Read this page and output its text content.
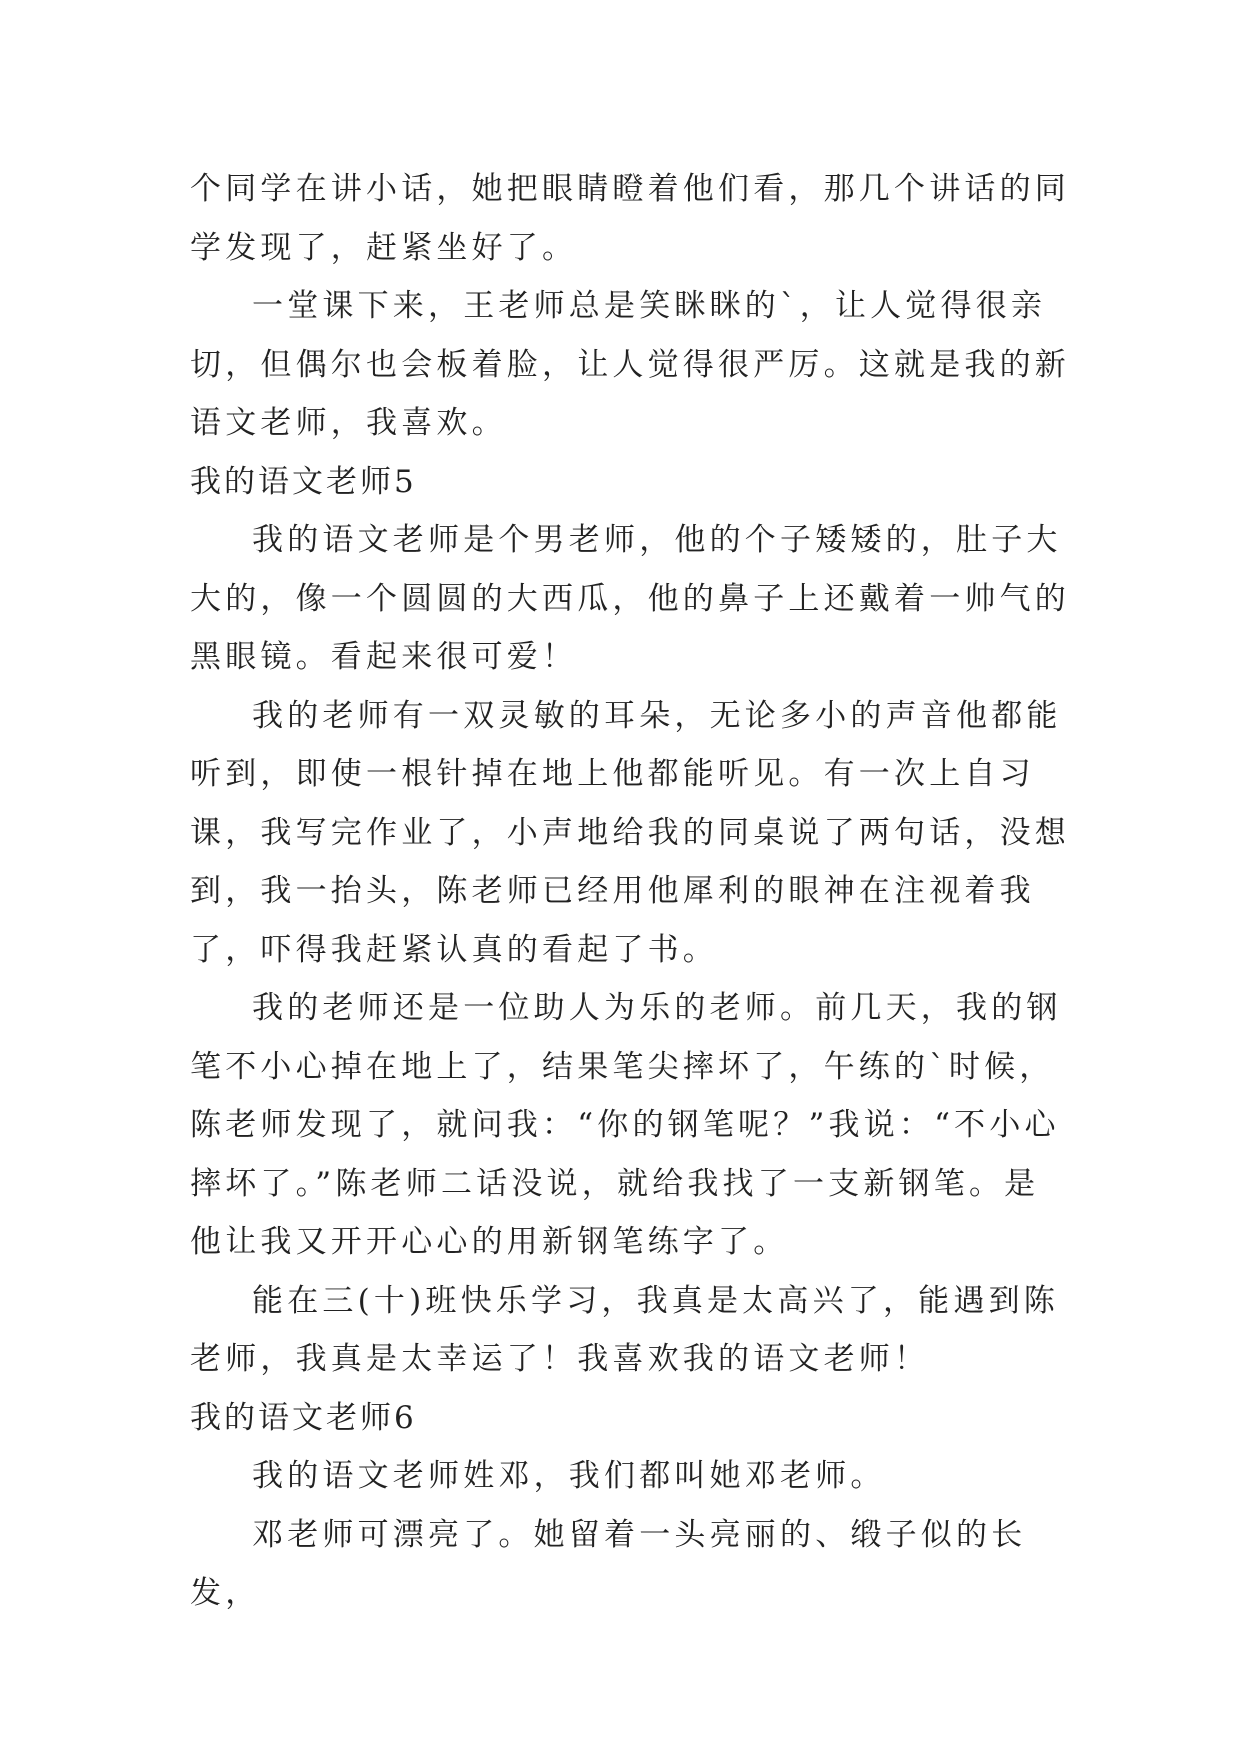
个同学在讲小话，她把眼睛瞪着他们看，那几个讲话的同学发现了，赶紧坐好了。

一堂课下来，王老师总是笑眯眯的`，让人觉得很亲切，但偶尔也会板着脸，让人觉得很严厉。这就是我的新语文老师，我喜欢。

我的语文老师5

我的语文老师是个男老师，他的个子矮矮的，肚子大大的，像一个圆圆的大西瓜，他的鼻子上还戴着一帅气的黑眼镜。看起来很可爱！

我的老师有一双灵敏的耳朵，无论多小的声音他都能听到，即使一根针掉在地上他都能听见。有一次上自习课，我写完作业了，小声地给我的同桌说了两句话，没想到，我一抬头，陈老师已经用他犀利的眼神在注视着我了，吓得我赶紧认真的看起了书。

我的老师还是一位助人为乐的老师。前几天，我的钢笔不小心掉在地上了，结果笔尖摔坏了，午练的`时候，陈老师发现了，就问我：“你的钢笔呢？”我说：“不小心摔坏了。”陈老师二话没说，就给我找了一支新钢笔。是他让我又开开心心的用新钢笔练字了。

能在三(十)班快乐学习，我真是太高兴了，能遇到陈老师，我真是太幸运了！我喜欢我的语文老师！

我的语文老师6

我的语文老师姓邓，我们都叫她邓老师。

邓老师可漂亮了。她留着一头亮丽的、缎子似的长发，
